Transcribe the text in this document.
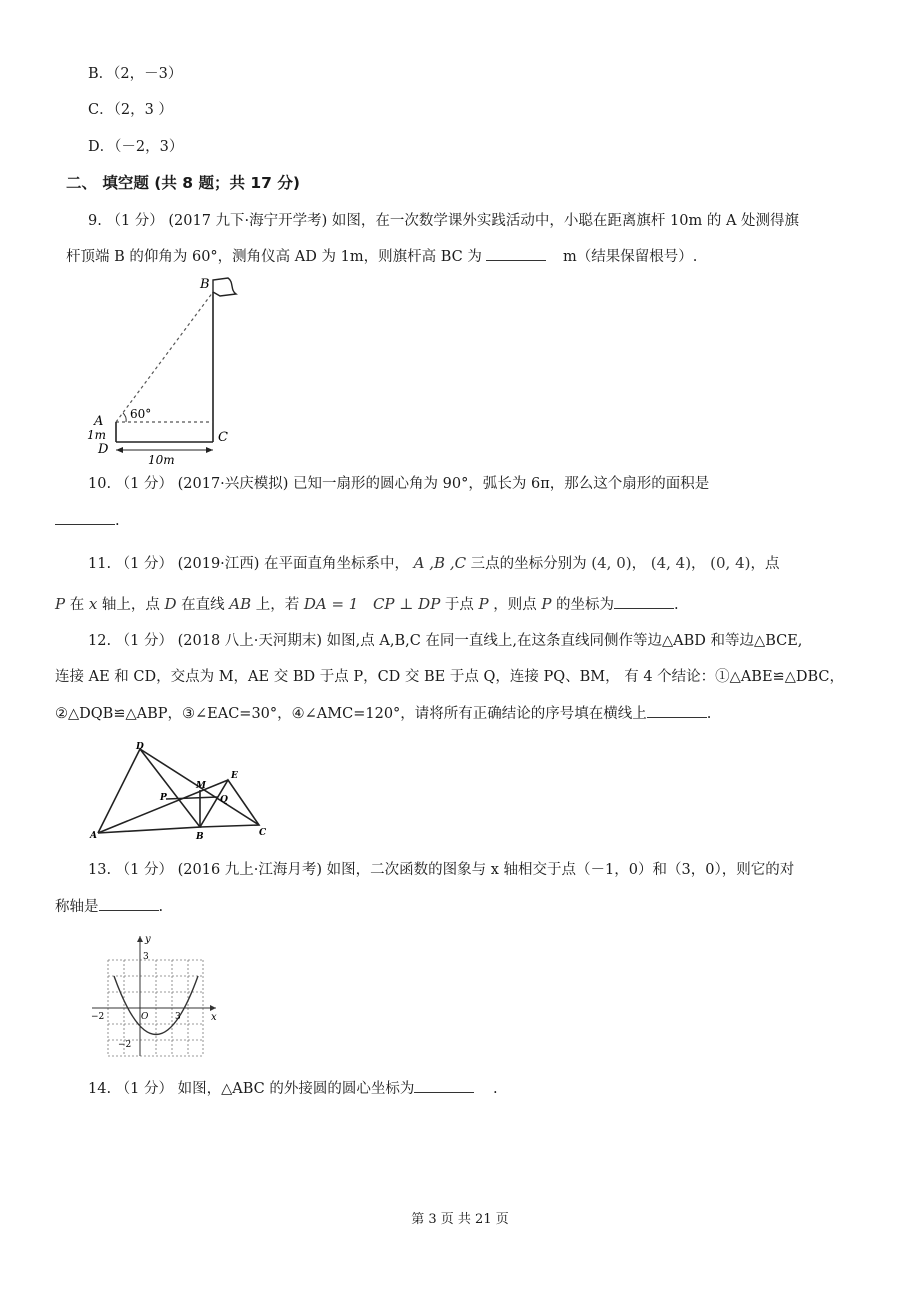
B．（2，－3）
C．（2，3 ）
D．（－2，3）
二、 填空题 (共 8 题；共 17 分)
9. （1 分） (2017 九下·海宁开学考) 如图，在一次数学课外实践活动中，小聪在距离旗杆 10m 的 A 处测得旗
杆顶端 B 的仰角为 60°，测角仪高 AD 为 1m，则旗杆高 BC 为	m（结果保留根号）.
B
A
C
D
60°
1m
10m
10. （1 分） (2017·兴庆模拟) 已知一扇形的圆心角为 90°，弧长为 6π，那么这个扇形的面积是
.
11. （1 分） (2019·江西) 在平面直角坐标系中， A ,B ,C 三点的坐标分别为 (4, 0)， (4, 4)， (0, 4)，点
P 在 x 轴上，点 D 在直线 AB 上，若 DA = 1 CP ⊥ DP 于点 P ，则点 P 的坐标为	.
12. （1 分） (2018 八上·天河期末) 如图,点 A,B,C 在同一直线上,在这条直线同侧作等边△ABD 和等边△BCE,
连接 AE 和 CD，交点为 M，AE 交 BD 于点 P，CD 交 BE 于点 Q，连接 PQ、BM， 有 4 个结论：①△ABE≌△DBC，
②△DQB≌△ABP，③∠EAC=30°，④∠AMC=120°，请将所有正确结论的序号填在横线上	.
D
M
E
P	Q
A	B	C
13. （1 分） (2016 九上·江海月考) 如图，二次函数的图象与 x 轴相交于点（－1，0）和（3，0），则它的对
称轴是	.
y
x
3
−2	O	3
−2
14. （1 分） 如图，△ABC 的外接圆的圆心坐标为	.
第 3 页 共 21 页
